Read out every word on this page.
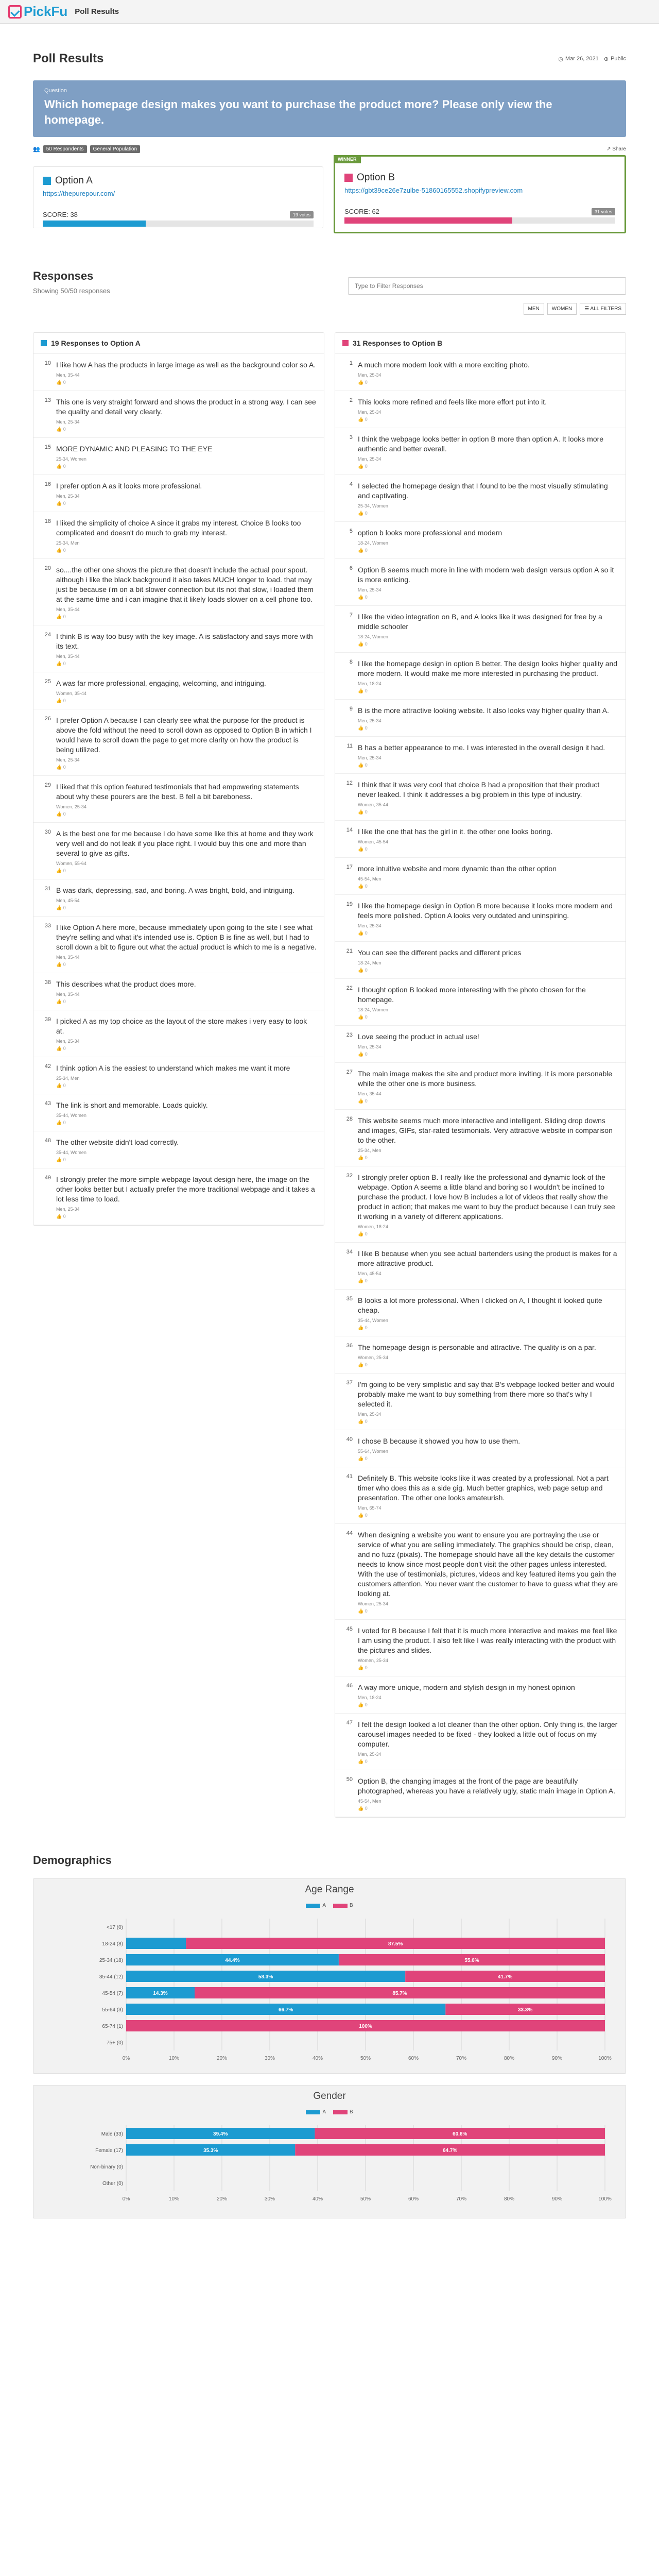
PickFu Poll Results
Poll Results	◷ Mar 26, 2021 ⊕ Public
Question
Which homepage design makes you want to purchase the product more? Please only view the homepage.
👥	50 Respondents	General Population	↗ Share
Option A
https://thepurepour.com/
SCORE: 38	19 votes
WINNER
Option B
https://gbt39ce26e7zulbe-51860165552.shopifypreview.com
SCORE: 62	31 votes
Responses
Showing 50/50 responses
Type to Filter Responses
MEN	WOMEN	☰ ALL FILTERS
19 Responses to Option A
10 I like how A has the products in large image as well as the background color so A.
Men, 35-44
👍 0
13 This one is very straight forward and shows the product in a strong way. I can see the quality and detail very clearly.
Men, 25-34
👍 0
15 MORE DYNAMIC AND PLEASING TO THE EYE
25-34, Women
👍 0
16 I prefer option A as it looks more professional.
Men, 25-34
👍 0
18 I liked the simplicity of choice A since it grabs my interest. Choice B looks too complicated and doesn't do much to grab my interest.
25-34, Men
👍 0
20 so....the other one shows the picture that doesn't include the actual pour spout. although i like the black background it also takes MUCH longer to load. that may just be because i'm on a bit slower connection but its not that slow, i loaded them at the same time and i can imagine that it likely loads slower on a cell phone too.
Men, 35-44
👍 0
24 I think B is way too busy with the key image. A is satisfactory and says more with its text.
Men, 35-44
👍 0
25 A was far more professional, engaging, welcoming, and intriguing.
Women, 35-44
👍 0
26 I prefer Option A because I can clearly see what the purpose for the product is above the fold without the need to scroll down as opposed to Option B in which I would have to scroll down the page to get more clarity on how the product is being utilized.
Men, 25-34
👍 0
29 I liked that this option featured testimonials that had empowering statements about why these pourers are the best. B fell a bit bareboness.
Women, 25-34
👍 0
30 A is the best one for me because I do have some like this at home and they work very well and do not leak if you place right. I would buy this one and more than several to give as gifts.
Women, 55-64
👍 0
31 B was dark, depressing, sad, and boring. A was bright, bold, and intriguing.
Men, 45-54
👍 0
33 I like Option A here more, because immediately upon going to the site I see what they're selling and what it's intended use is. Option B is fine as well, but I had to scroll down a bit to figure out what the actual product is which to me is a negative.
Men, 35-44
👍 0
38 This describes what the product does more.
Men, 35-44
👍 0
39 I picked A as my top choice as the layout of the store makes i very easy to look at.
Men, 25-34
👍 0
42 I think option A is the easiest to understand which makes me want it more
25-34, Men
👍 0
43 The link is short and memorable. Loads quickly.
35-44, Women
👍 0
48 The other website didn't load correctly.
35-44, Women
👍 0
49 I strongly prefer the more simple webpage layout design here, the image on the other looks better but I actually prefer the more traditional webpage and it takes a lot less time to load.
Men, 25-34
👍 0
31 Responses to Option B
1 A much more modern look with a more exciting photo.
Men, 25-34
👍 0
2 This looks more refined and feels like more effort put into it.
Men, 25-34
👍 0
3 I think the webpage looks better in option B more than option A. It looks more authentic and better overall.
Men, 25-34
👍 0
4 I selected the homepage design that I found to be the most visually stimulating and captivating.
25-34, Women
👍 0
5 option b looks more professional and modern
18-24, Women
👍 0
6 Option B seems much more in line with modern web design versus option A so it is more enticing.
Men, 25-34
👍 0
7 I like the video integration on B, and A looks like it was designed for free by a middle schooler
18-24, Women
👍 0
8 I like the homepage design in option B better. The design looks higher quality and more modern. It would make me more interested in purchasing the product.
Men, 18-24
👍 0
9 B is the more attractive looking website. It also looks way higher quality than A.
Men, 25-34
👍 0
11 B has a better appearance to me. I was interested in the overall design it had.
Men, 25-34
👍 0
12 I think that it was very cool that choice B had a proposition that their product never leaked. I think it addresses a big problem in this type of industry.
Women, 35-44
👍 0
14 I like the one that has the girl in it. the other one looks boring.
Women, 45-54
👍 0
17 more intuitive website and more dynamic than the other option
45-54, Men
👍 0
19 I like the homepage design in Option B more because it looks more modern and feels more polished. Option A looks very outdated and uninspiring.
Men, 25-34
👍 0
21 You can see the different packs and different prices
18-24, Men
👍 0
22 I thought option B looked more interesting with the photo chosen for the homepage.
18-24, Women
👍 0
23 Love seeing the product in actual use!
Men, 25-34
👍 0
27 The main image makes the site and product more inviting. It is more personable while the other one is more business.
Men, 35-44
👍 0
28 This website seems much more interactive and intelligent. Sliding drop downs and images, GIFs, star-rated testimonials. Very attractive website in comparison to the other.
25-34, Men
👍 0
32 I strongly prefer option B. I really like the professional and dynamic look of the webpage. Option A seems a little bland and boring so I wouldn't be inclined to purchase the product. I love how B includes a lot of videos that really show the product in action; that makes me want to buy the product because I can truly see it working in a variety of different applications.
Women, 18-24
👍 0
34 I like B because when you see actual bartenders using the product is makes for a more attractive product.
Men, 45-54
👍 0
35 B looks a lot more professional. When I clicked on A, I thought it looked quite cheap.
35-44, Women
👍 0
36 The homepage design is personable and attractive. The quality is on a par.
Women, 25-34
👍 0
37 I'm going to be very simplistic and say that B's webpage looked better and would probably make me want to buy something from there more so that's why I selected it.
Men, 25-34
👍 0
40 I chose B because it showed you how to use them.
55-64, Women
👍 0
41 Definitely B. This website looks like it was created by a professional. Not a part timer who does this as a side gig. Much better graphics, web page setup and presentation. The other one looks amateurish.
Men, 65-74
👍 0
44 When designing a website you want to ensure you are portraying the use or service of what you are selling immediately. The graphics should be crisp, clean, and no fuzz (pixals). The homepage should have all the key details the customer needs to know since most people don't visit the other pages unless interested. With the use of testimonials, pictures, videos and key featured items you gain the customers attention. You never want the customer to have to guess what they are looking at.
Women, 25-34
👍 0
45 I voted for B because I felt that it is much more interactive and makes me feel like I am using the product. I also felt like I was really interacting with the product with the pictures and slides.
Women, 25-34
👍 0
46 A way more unique, modern and stylish design in my honest opinion
Men, 18-24
👍 0
47 I felt the design looked a lot cleaner than the other option. Only thing is, the larger carousel images needed to be fixed - they looked a little out of focus on my computer.
Men, 25-34
👍 0
50 Option B, the changing images at the front of the page are beautifully photographed, whereas you have a relatively ugly, static main image in Option A.
45-54, Men
👍 0
Demographics
Age Range
A	B
0%	10%	20%	30%	40%	50%	60%	70%	80%	90%	100%
<17 (0)
18-24 (8)	87.5%
25-34 (18)	44.4%	55.6%
35-44 (12)	58.3%	41.7%
45-54 (7)	14.3%	85.7%
55-64 (3)	66.7%	33.3%
65-74 (1)	100%
75+ (0)
Gender
A	B
0%	10%	20%	30%	40%	50%	60%	70%	80%	90%	100%
Male (33)	39.4%	60.6%
Female (17)	35.3%	64.7%
Non-binary (0)
Other (0)
